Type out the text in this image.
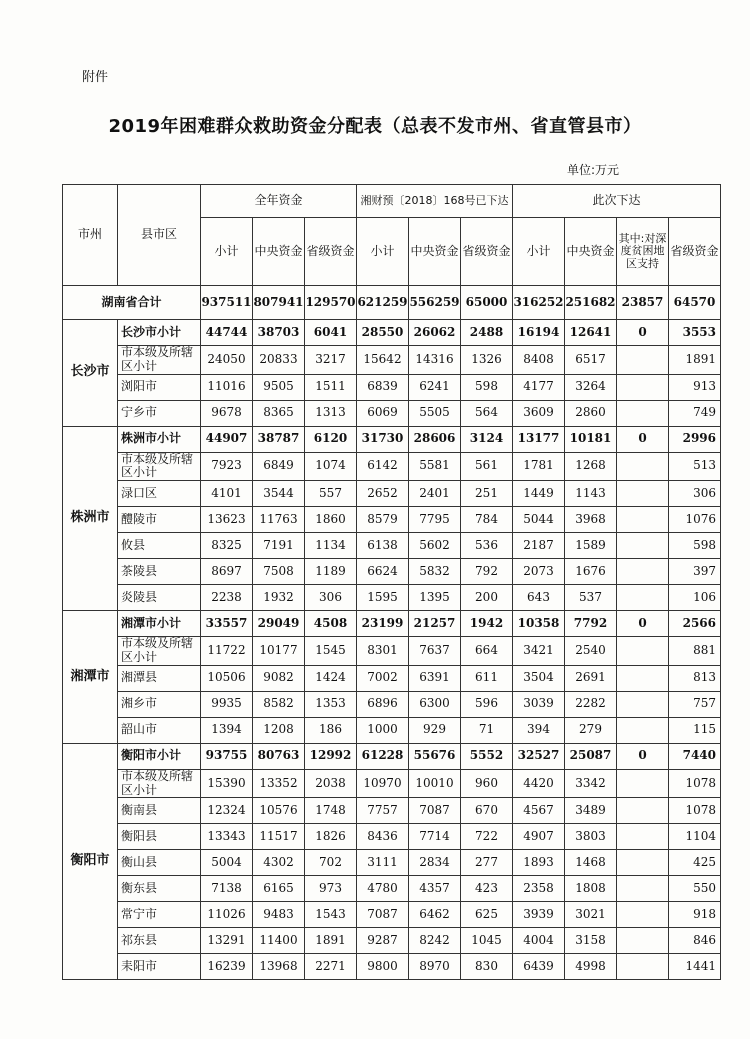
附件
2019年困难群众救助资金分配表（总表不发市州、省直管县市）
单位:万元
市州	县市区	全年资金			湘财预〔2018〕168号已下达			此次下达			
		小计	中央资金	省级资金	小计	中央资金	省级资金	小计	中央资金	其中:对深度贫困地区支持	省级资金
湖南省合计		937511	807941	129570	621259	556259	65000	316252	251682	23857	64570
长沙市	长沙市小计	44744	38703	6041	28550	26062	2488	16194	12641	0	3553
	市本级及所辖区小计	24050	20833	3217	15642	14316	1326	8408	6517		1891
	浏阳市	11016	9505	1511	6839	6241	598	4177	3264		913
	宁乡市	9678	8365	1313	6069	5505	564	3609	2860		749
株洲市	株洲市小计	44907	38787	6120	31730	28606	3124	13177	10181	0	2996
	市本级及所辖区小计	7923	6849	1074	6142	5581	561	1781	1268		513
	渌口区	4101	3544	557	2652	2401	251	1449	1143		306
	醴陵市	13623	11763	1860	8579	7795	784	5044	3968		1076
	攸县	8325	7191	1134	6138	5602	536	2187	1589		598
	茶陵县	8697	7508	1189	6624	5832	792	2073	1676		397
	炎陵县	2238	1932	306	1595	1395	200	643	537		106
湘潭市	湘潭市小计	33557	29049	4508	23199	21257	1942	10358	7792	0	2566
	市本级及所辖区小计	11722	10177	1545	8301	7637	664	3421	2540		881
	湘潭县	10506	9082	1424	7002	6391	611	3504	2691		813
	湘乡市	9935	8582	1353	6896	6300	596	3039	2282		757
	韶山市	1394	1208	186	1000	929	71	394	279		115
衡阳市	衡阳市小计	93755	80763	12992	61228	55676	5552	32527	25087	0	7440
	市本级及所辖区小计	15390	13352	2038	10970	10010	960	4420	3342		1078
	衡南县	12324	10576	1748	7757	7087	670	4567	3489		1078
	衡阳县	13343	11517	1826	8436	7714	722	4907	3803		1104
	衡山县	5004	4302	702	3111	2834	277	1893	1468		425
	衡东县	7138	6165	973	4780	4357	423	2358	1808		550
	常宁市	11026	9483	1543	7087	6462	625	3939	3021		918
	祁东县	13291	11400	1891	9287	8242	1045	4004	3158		846
	耒阳市	16239	13968	2271	9800	8970	830	6439	4998		1441
